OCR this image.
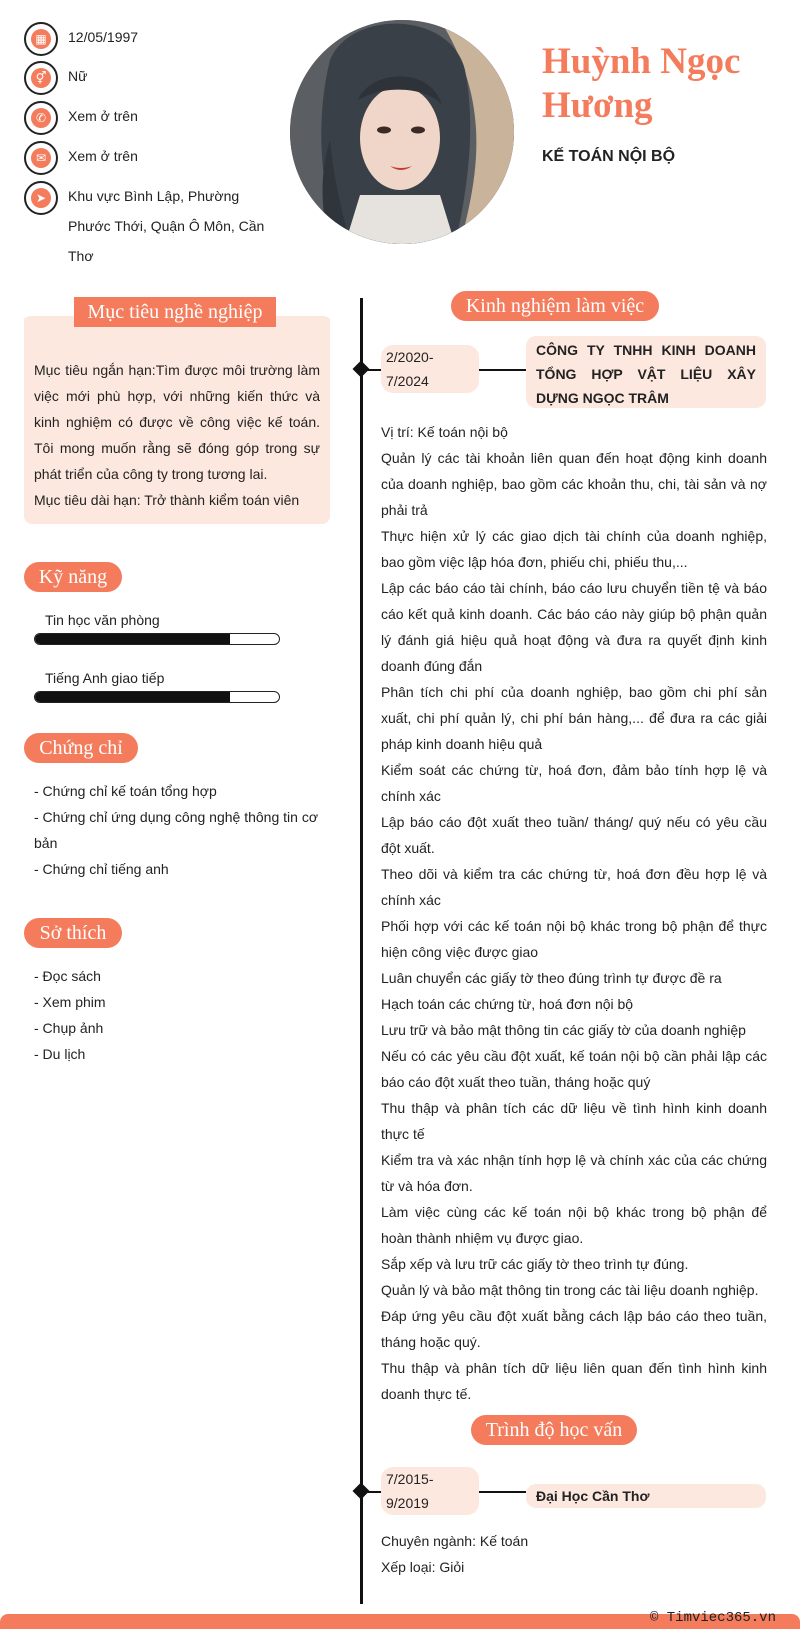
▦	12/05/1997
⚥	Nữ
✆	Xem ở trên
✉	Xem ở trên
➤	Khu vực Bình Lập, Phường Phước Thới, Quận Ô Môn, Cần Thơ
Huỳnh Ngọc Hương
KẾ TOÁN NỘI BỘ
Mục tiêu nghề nghiệp
Mục tiêu ngắn hạn:Tìm được môi trường làm việc mới phù hợp, với những kiến thức và kinh nghiệm có được về công việc kế toán. Tôi mong muốn rằng sẽ đóng góp trong sự phát triển của công ty trong tương lai.
Mục tiêu dài hạn: Trở thành kiểm toán viên
Kỹ năng
Tin học văn phòng
Tiếng Anh giao tiếp
Chứng chỉ
- Chứng chỉ kế toán tổng hợp
- Chứng chỉ ứng dụng công nghệ thông tin cơ bản
- Chứng chỉ tiếng anh
Sở thích
- Đọc sách
- Xem phim
- Chụp ảnh
- Du lịch
Kinh nghiệm làm việc
2/2020- 7/2024
CÔNG TY TNHH KINH DOANH TỔNG HỢP VẬT LIỆU XÂY DỰNG NGỌC TRÂM

Vị trí: Kế toán nội bộ

Quản lý các tài khoản liên quan đến hoạt động kinh doanh của doanh nghiệp, bao gồm các khoản thu, chi, tài sản và nợ phải trả

Thực hiện xử lý các giao dịch tài chính của doanh nghiệp, bao gồm việc lập hóa đơn, phiếu chi, phiếu thu,...

Lập các báo cáo tài chính, báo cáo lưu chuyển tiền tệ và báo cáo kết quả kinh doanh. Các báo cáo này giúp bộ phận quản lý đánh giá hiệu quả hoạt động và đưa ra quyết định kinh doanh đúng đắn

Phân tích chi phí của doanh nghiệp, bao gồm chi phí sản xuất, chi phí quản lý, chi phí bán hàng,... để đưa ra các giải pháp kinh doanh hiệu quả

Kiểm soát các chứng từ, hoá đơn, đảm bảo tính hợp lệ và chính xác

Lập báo cáo đột xuất theo tuần/ tháng/ quý nếu có yêu cầu đột xuất.

Theo dõi và kiểm tra các chứng từ, hoá đơn đều hợp lệ và chính xác

Phối hợp với các kế toán nội bộ khác trong bộ phận để thực hiện công việc được giao

Luân chuyển các giấy tờ theo đúng trình tự được đề ra

Hạch toán các chứng từ, hoá đơn nội bộ

Lưu trữ và bảo mật thông tin các giấy tờ của doanh nghiệp

Nếu có các yêu cầu đột xuất, kế toán nội bộ cần phải lập các báo cáo đột xuất theo tuần, tháng hoặc quý

Thu thập và phân tích các dữ liệu về tình hình kinh doanh thực tế

Kiểm tra và xác nhận tính hợp lệ và chính xác của các chứng từ và hóa đơn.

Làm việc cùng các kế toán nội bộ khác trong bộ phận để hoàn thành nhiệm vụ được giao.

Sắp xếp và lưu trữ các giấy tờ theo trình tự đúng.

Quản lý và bảo mật thông tin trong các tài liệu doanh nghiệp.

Đáp ứng yêu cầu đột xuất bằng cách lập báo cáo theo tuần, tháng hoặc quý.

Thu thập và phân tích dữ liệu liên quan đến tình hình kinh doanh thực tế.

Trình độ học vấn
7/2015- 9/2019	Đại Học Cần Thơ
Chuyên ngành: Kế toán
Xếp loại: Giỏi
© Timviec365.vn
